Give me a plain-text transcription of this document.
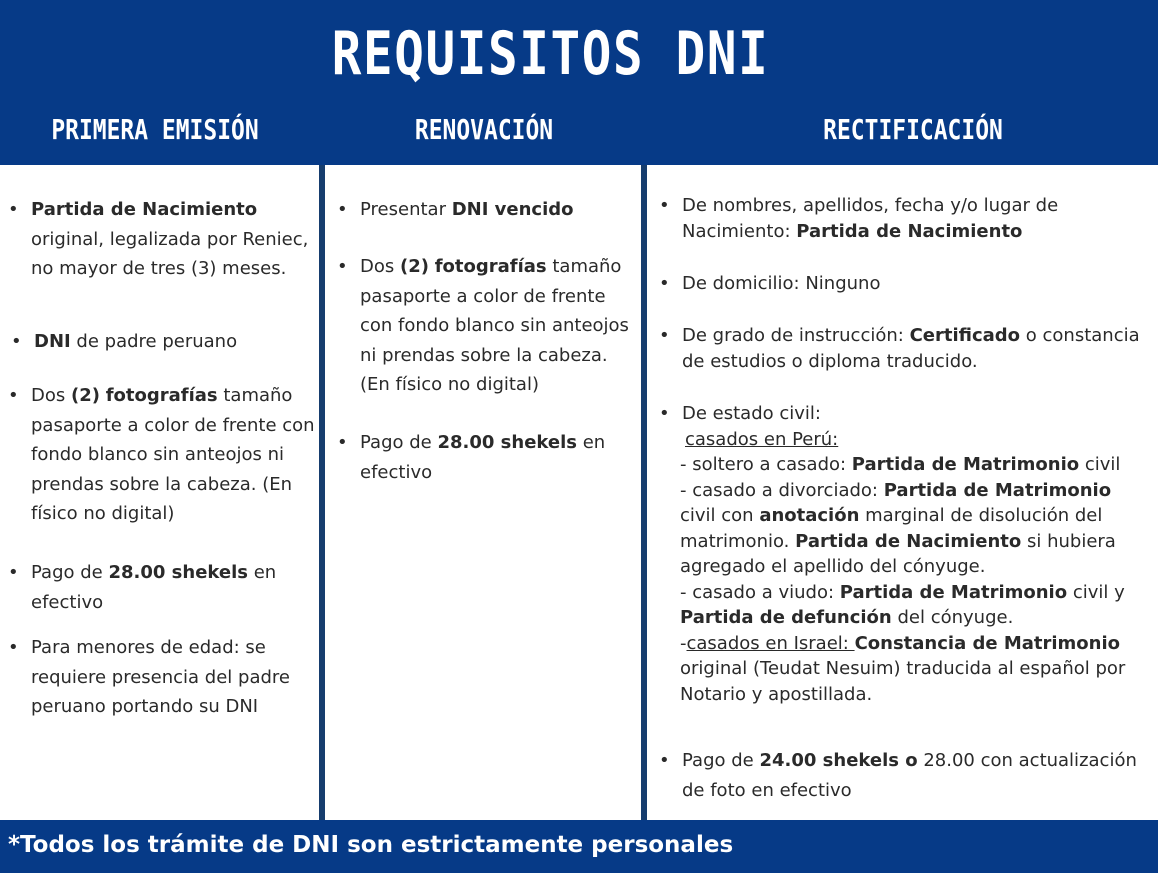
REQUISITOS DNI
PRIMERA EMISIÓN	RENOVACIÓN	RECTIFICACIÓN
• Partida de Nacimiento original, legalizada por Reniec, no mayor de tres (3) meses.
• DNI de padre peruano
• Dos (2) fotografías tamaño pasaporte a color de frente con fondo blanco sin anteojos ni prendas sobre la cabeza. (En físico no digital)
• Pago de 28.00 shekels en efectivo
• Para menores de edad: se requiere presencia del padre peruano portando su DNI
• Presentar DNI vencido
• Dos (2) fotografías tamaño pasaporte a color de frente con fondo blanco sin anteojos ni prendas sobre la cabeza. (En físico no digital)
• Pago de 28.00 shekels en efectivo
• De nombres, apellidos, fecha y/o lugar de Nacimiento: Partida de Nacimiento
• De domicilio: Ninguno
• De grado de instrucción: Certificado o constancia de estudios o diploma traducido.
• De estado civil:
casados en Perú:
- soltero a casado: Partida de Matrimonio civil
- casado a divorciado: Partida de Matrimonio civil con anotación marginal de disolución del matrimonio. Partida de Nacimiento si hubiera agregado el apellido del cónyuge.
- casado a viudo: Partida de Matrimonio civil y Partida de defunción del cónyuge.
-casados en Israel: Constancia de Matrimonio original (Teudat Nesuim) traducida al español por Notario y apostillada.
• Pago de 24.00 shekels o 28.00 con actualización de foto en efectivo
*Todos los trámite de DNI son estrictamente personales
